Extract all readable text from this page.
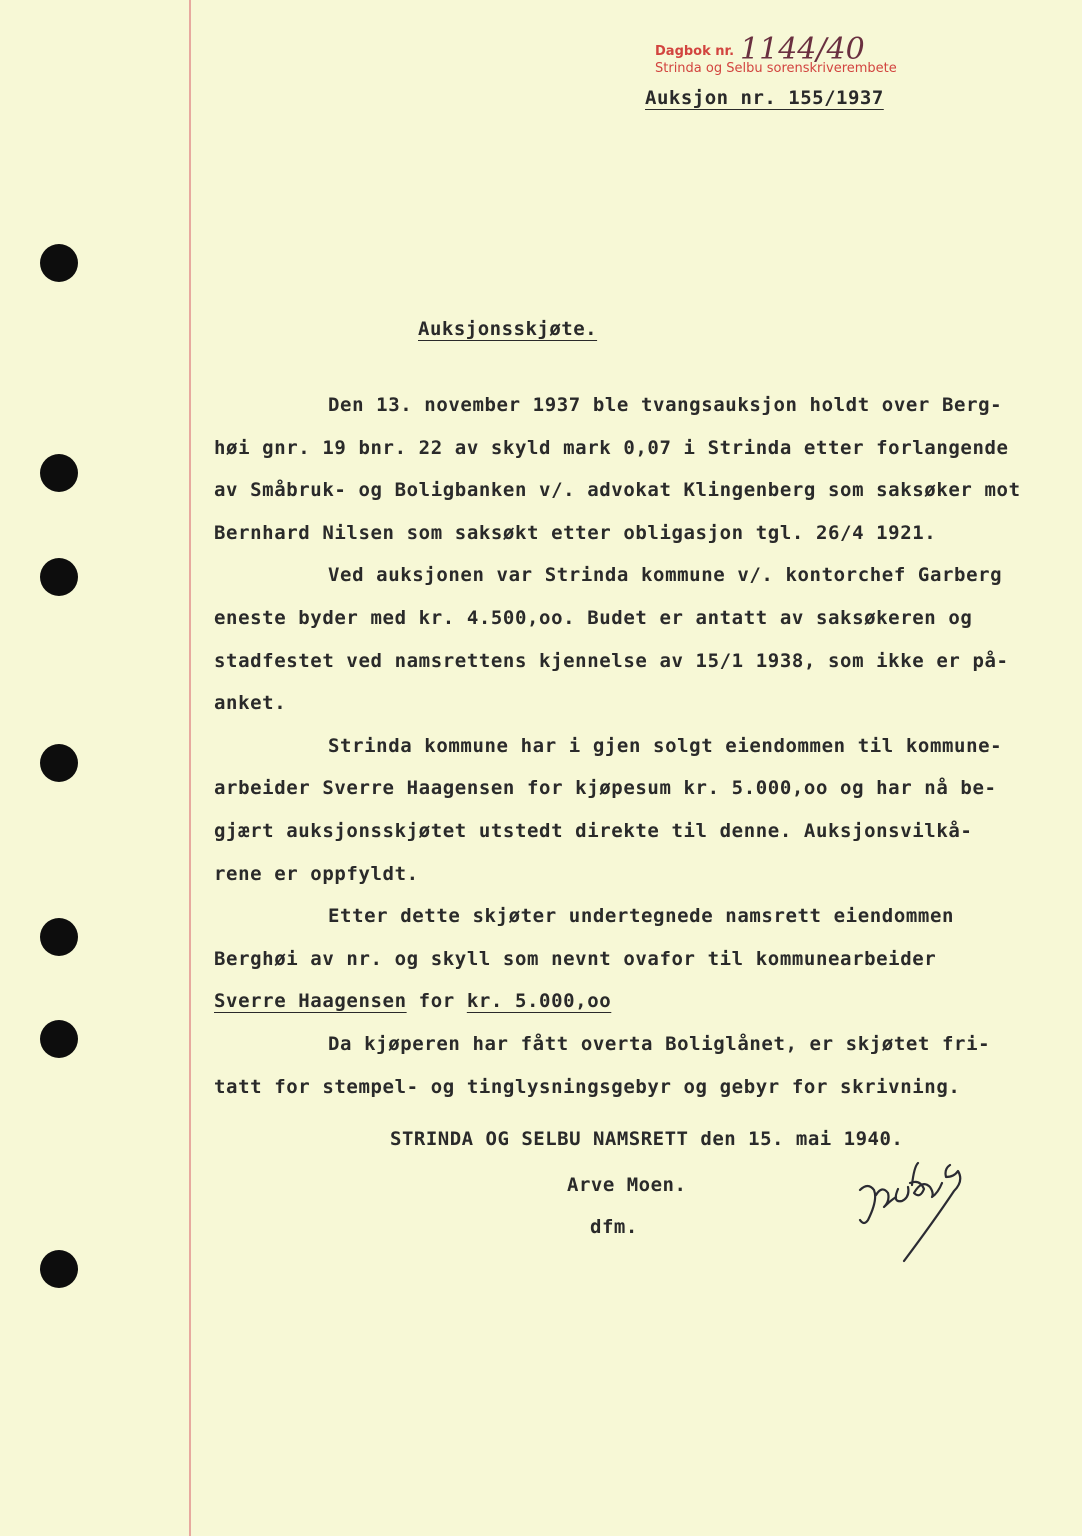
Dagbok nr. 1144/40
Strinda og Selbu sorenskriverembete
Auksjon nr. 155/1937
Auksjonsskjøte.
Den 13. november 1937 ble tvangsauksjon holdt over Berg-
høi gnr. 19 bnr. 22 av skyld mark 0,07 i Strinda etter forlangende
av Småbruk- og Boligbanken v/. advokat Klingenberg som saksøker mot
Bernhard Nilsen som saksøkt etter obligasjon tgl. 26/4 1921.
Ved auksjonen var Strinda kommune v/. kontorchef Garberg
eneste byder med kr. 4.500,oo. Budet er antatt av saksøkeren og
stadfestet ved namsrettens kjennelse av 15/1 1938, som ikke er på-
anket.
Strinda kommune har i gjen solgt eiendommen til kommune-
arbeider Sverre Haagensen for kjøpesum kr. 5.000,oo og har nå be-
gjært auksjonsskjøtet utstedt direkte til denne. Auksjonsvilkå-
rene er oppfyldt.
Etter dette skjøter undertegnede namsrett eiendommen
Berghøi av nr. og skyll som nevnt ovafor til kommunearbeider
Sverre Haagensen for kr. 5.000,oo
Da kjøperen har fått overta Boliglånet, er skjøtet fri-
tatt for stempel- og tinglysningsgebyr og gebyr for skrivning.
STRINDA OG SELBU NAMSRETT den 15. mai 1940.
Arve Moen.
dfm.
